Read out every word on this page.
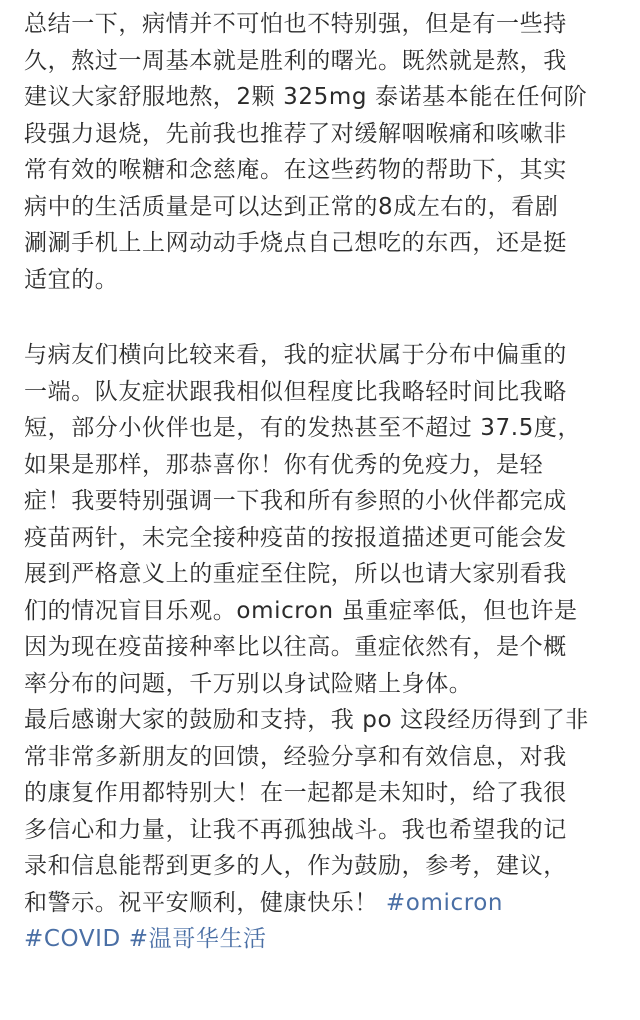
总结一下，病情并不可怕也不特别强，但是有一些持
久，熬过一周基本就是胜利的曙光。既然就是熬，我
建议大家舒服地熬，2颗 325mg 泰诺基本能在任何阶
段强力退烧，先前我也推荐了对缓解咽喉痛和咳嗽非
常有效的喉糖和念慈庵。在这些药物的帮助下，其实
病中的生活质量是可以达到正常的8成左右的，看剧
涮涮手机上上网动动手烧点自己想吃的东西，还是挺
适宜的。
与病友们横向比较来看，我的症状属于分布中偏重的
一端。队友症状跟我相似但程度比我略轻时间比我略
短，部分小伙伴也是，有的发热甚至不超过 37.5度，
如果是那样，那恭喜你！你有优秀的免疫力，是轻
症！我要特别强调一下我和所有参照的小伙伴都完成
疫苗两针，未完全接种疫苗的按报道描述更可能会发
展到严格意义上的重症至住院，所以也请大家别看我
们的情况盲目乐观。omicron 虽重症率低，但也许是
因为现在疫苗接种率比以往高。重症依然有，是个概
率分布的问题，千万别以身试险赌上身体。
最后感谢大家的鼓励和支持，我 po 这段经历得到了非
常非常多新朋友的回馈，经验分享和有效信息，对我
的康复作用都特别大！在一起都是未知时，给了我很
多信心和力量，让我不再孤独战斗。我也希望我的记
录和信息能帮到更多的人，作为鼓励，参考，建议，
和警示。祝平安顺利，健康快乐！ #omicron
#COVID #温哥华生活
